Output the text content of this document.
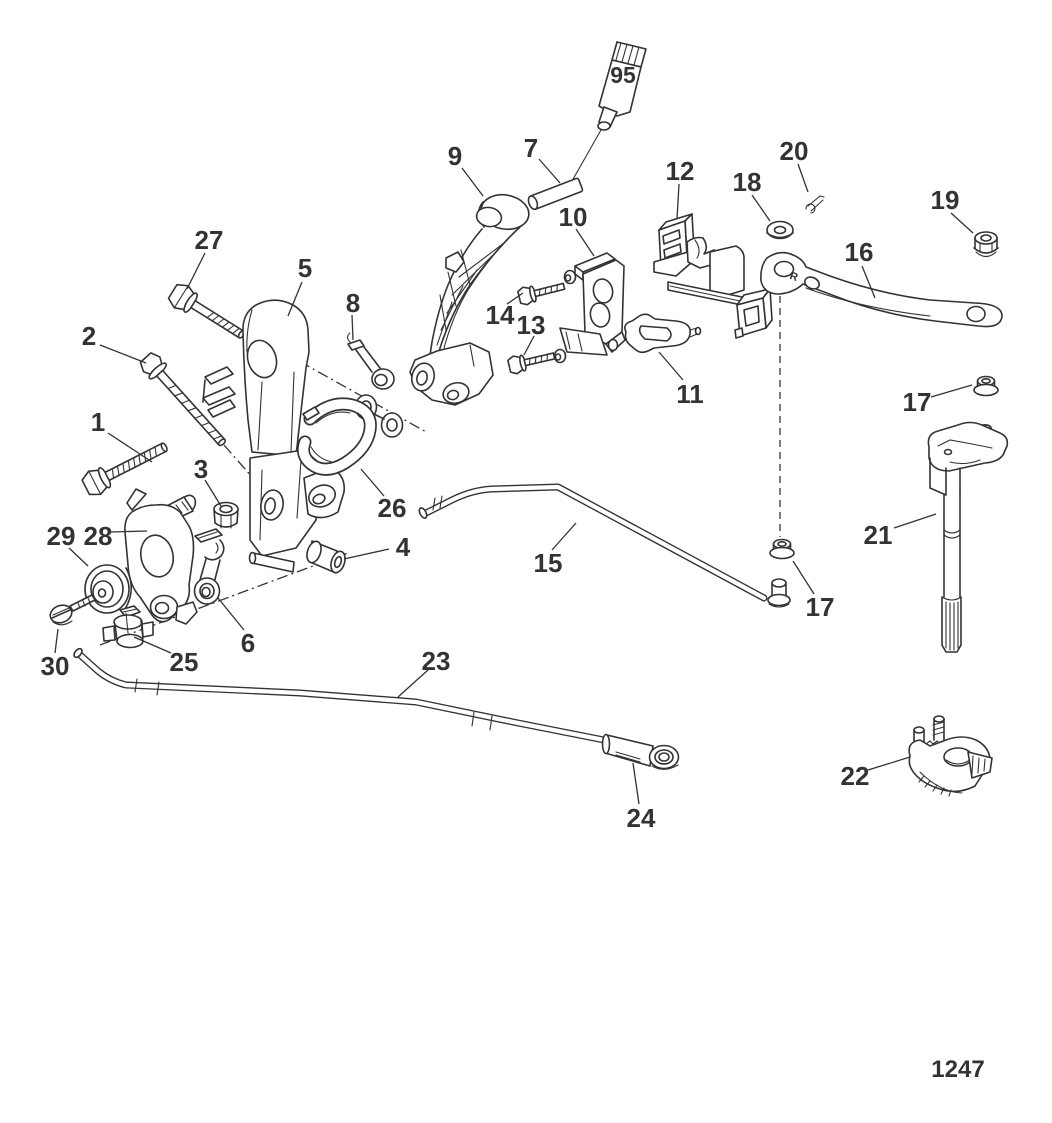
R
1
2
3
4
5
6
7
8
9
10
11
12
13
14
15
16
17
17
18
19
20
21
22
23
24
25
26
27
28
29
30
95
1247
